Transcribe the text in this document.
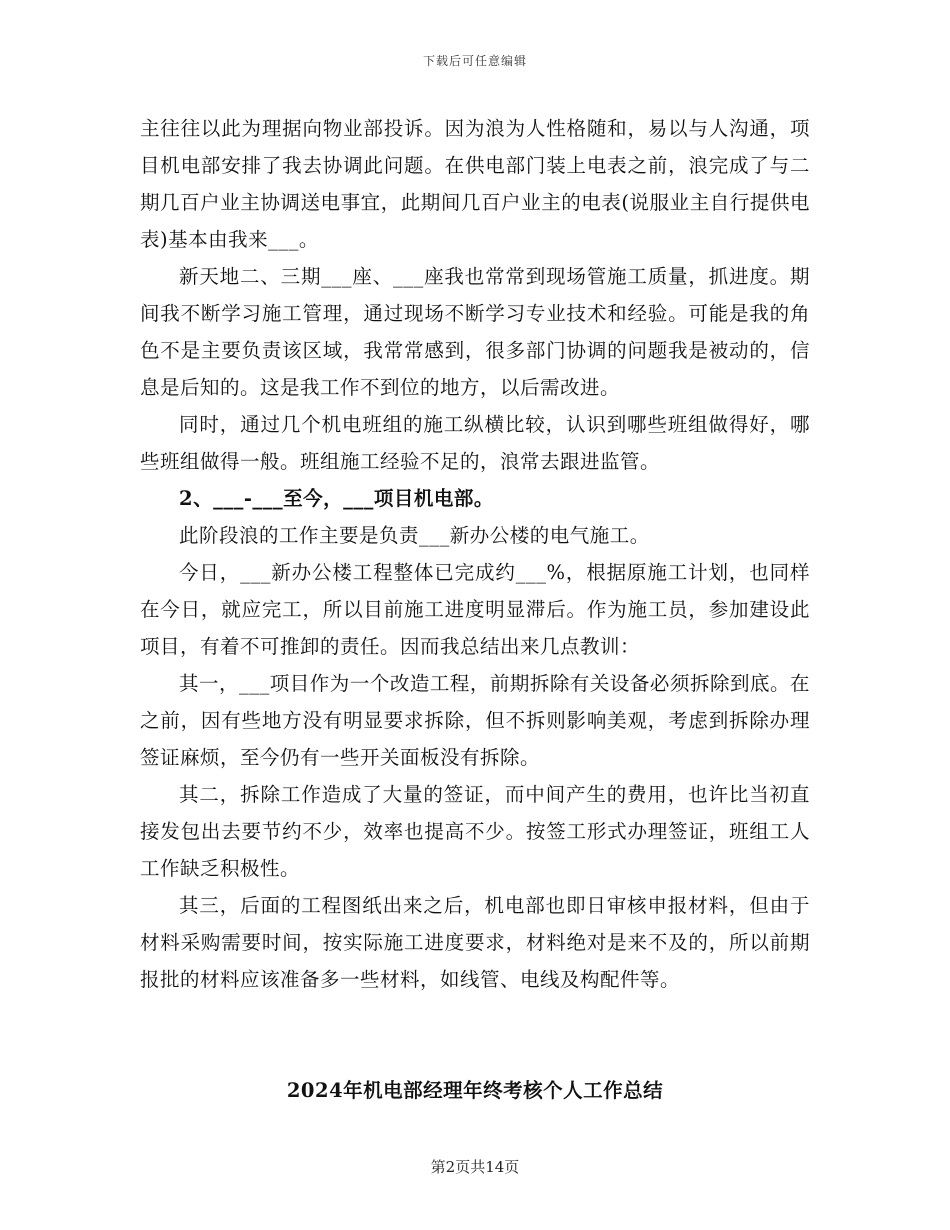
下载后可任意编辑

主往往以此为理据向物业部投诉。因为浪为人性格随和，易以与人沟通，项目机电部安排了我去协调此问题。在供电部门装上电表之前，浪完成了与二期几百户业主协调送电事宜，此期间几百户业主的电表(说服业主自行提供电表)基本由我来___。

新天地二、三期___座、___座我也常常到现场管施工质量，抓进度。期间我不断学习施工管理，通过现场不断学习专业技术和经验。可能是我的角色不是主要负责该区域，我常常感到，很多部门协调的问题我是被动的，信息是后知的。这是我工作不到位的地方，以后需改进。

同时，通过几个机电班组的施工纵横比较，认识到哪些班组做得好，哪些班组做得一般。班组施工经验不足的，浪常去跟进监管。

2、___-___至今，___项目机电部。

此阶段浪的工作主要是负责___新办公楼的电气施工。

今日，___新办公楼工程整体已完成约___%，根据原施工计划，也同样在今日，就应完工，所以目前施工进度明显滞后。作为施工员，参加建设此项目，有着不可推卸的责任。因而我总结出来几点教训：

其一，___项目作为一个改造工程，前期拆除有关设备必须拆除到底。在之前，因有些地方没有明显要求拆除，但不拆则影响美观，考虑到拆除办理签证麻烦，至今仍有一些开关面板没有拆除。

其二，拆除工作造成了大量的签证，而中间产生的费用，也许比当初直接发包出去要节约不少，效率也提高不少。按签工形式办理签证，班组工人工作缺乏积极性。

其三，后面的工程图纸出来之后，机电部也即日审核申报材料，但由于材料采购需要时间，按实际施工进度要求，材料绝对是来不及的，所以前期报批的材料应该准备多一些材料，如线管、电线及构配件等。

2024年机电部经理年终考核个人工作总结
第2页共14页
